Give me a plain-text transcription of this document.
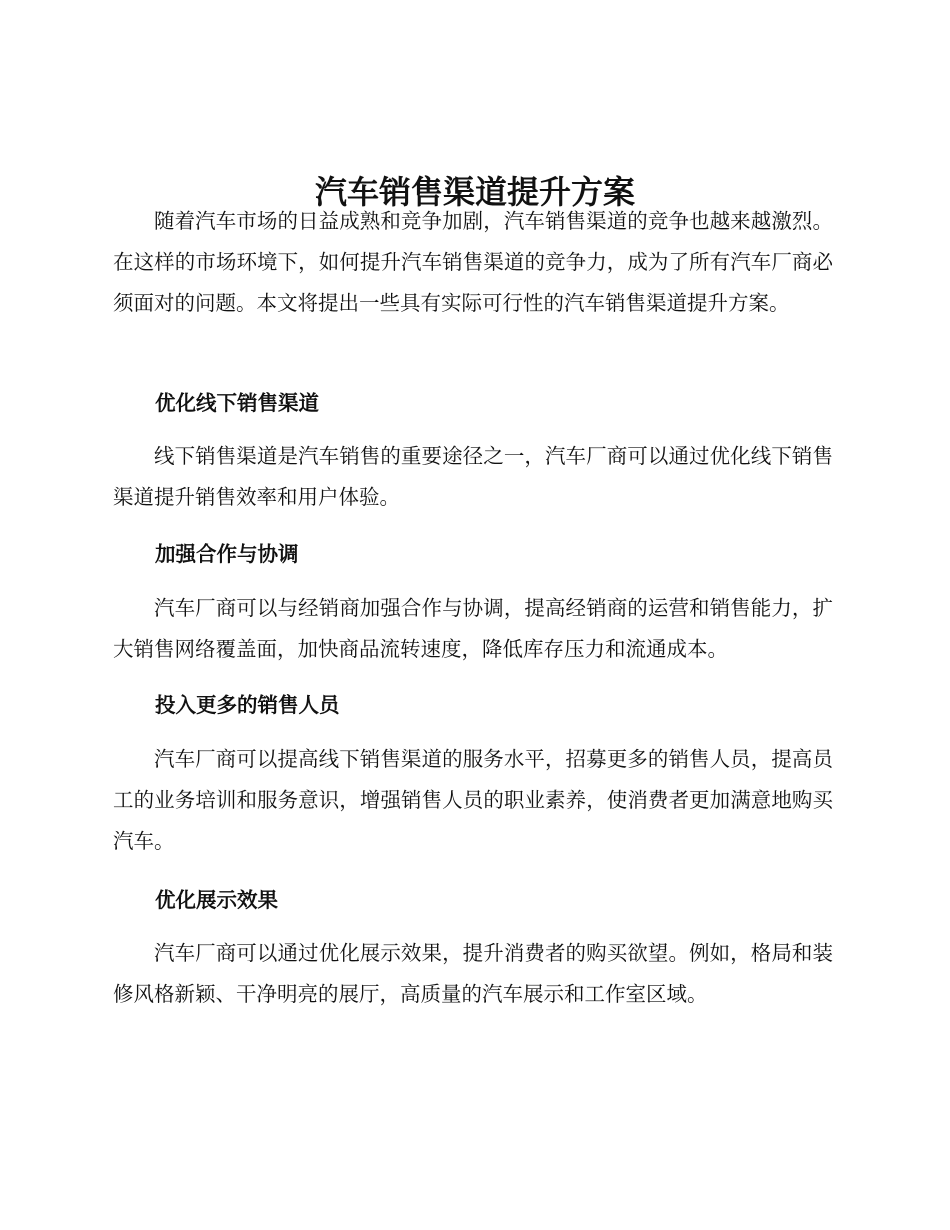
汽车销售渠道提升方案

随着汽车市场的日益成熟和竞争加剧，汽车销售渠道的竞争也越来越激烈。在这样的市场环境下，如何提升汽车销售渠道的竞争力，成为了所有汽车厂商必须面对的问题。本文将提出一些具有实际可行性的汽车销售渠道提升方案。

优化线下销售渠道

线下销售渠道是汽车销售的重要途径之一，汽车厂商可以通过优化线下销售渠道提升销售效率和用户体验。

加强合作与协调

汽车厂商可以与经销商加强合作与协调，提高经销商的运营和销售能力，扩大销售网络覆盖面，加快商品流转速度，降低库存压力和流通成本。

投入更多的销售人员

汽车厂商可以提高线下销售渠道的服务水平，招募更多的销售人员，提高员工的业务培训和服务意识，增强销售人员的职业素养，使消费者更加满意地购买汽车。

优化展示效果

汽车厂商可以通过优化展示效果，提升消费者的购买欲望。例如，格局和装修风格新颖、干净明亮的展厅，高质量的汽车展示和工作室区域。
